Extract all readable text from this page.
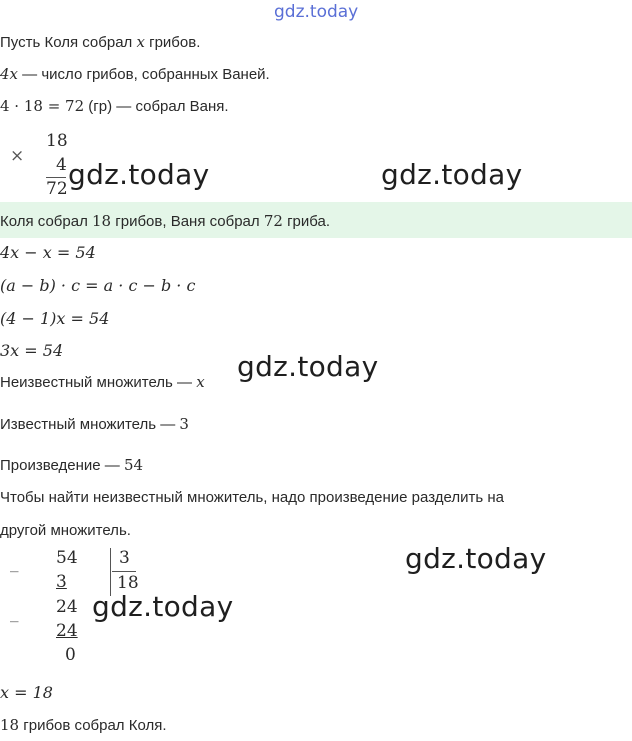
gdz.today
Пусть Коля собрал x грибов.
4x — число грибов, собранных Ваней.
4 · 18 = 72 (гр) — собрал Ваня.
×
18
4
72 gdz.today	gdz.today
Коля собрал 18 грибов, Ваня собрал 72 гриба.
4x − x = 54
(a − b) · c = a · c − b · c
(4 − 1)x = 54
3x = 54
Неизвестный множитель — x gdz.today
Известный множитель — 3
Произведение — 54
Чтобы найти неизвестный множитель, надо произведение разделить на
другой множитель.
_ 54
3
3
18
_ 24
24
0
gdz.today
gdz.today
x = 18
18 грибов собрал Коля.
